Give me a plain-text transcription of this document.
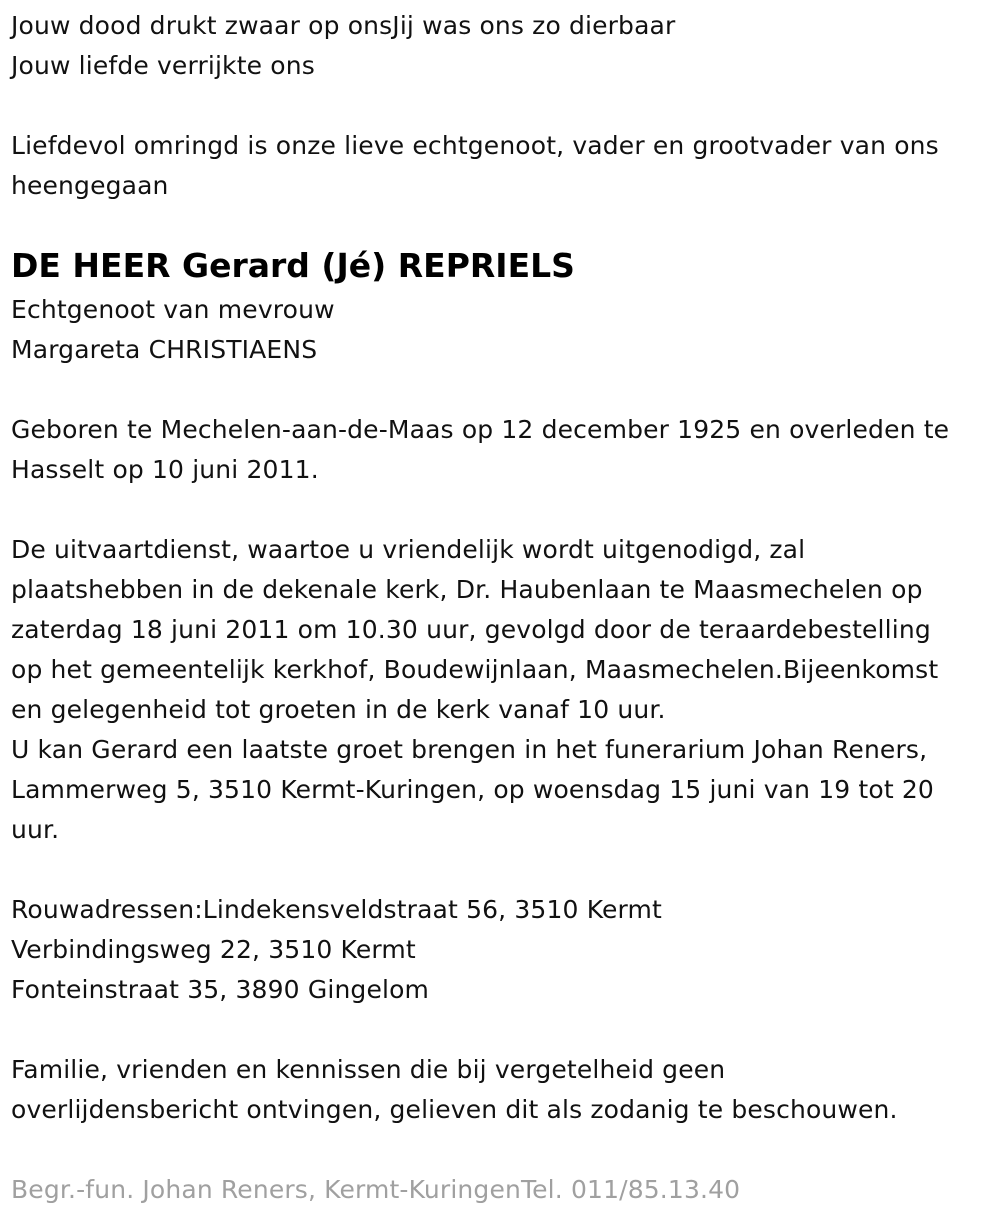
Jouw dood drukt zwaar op onsJij was ons zo dierbaar
Jouw liefde verrijkte ons
Liefdevol omringd is onze lieve echtgenoot, vader en grootvader van ons
heengegaan
DE HEER Gerard (Jé) REPRIELS
Echtgenoot van mevrouw
Margareta CHRISTIAENS
Geboren te Mechelen-aan-de-Maas op 12 december 1925 en overleden te
Hasselt op 10 juni 2011.
De uitvaartdienst, waartoe u vriendelijk wordt uitgenodigd, zal
plaatshebben in de dekenale kerk, Dr. Haubenlaan te Maasmechelen op
zaterdag 18 juni 2011 om 10.30 uur, gevolgd door de teraardebestelling
op het gemeentelijk kerkhof, Boudewijnlaan, Maasmechelen.Bijeenkomst
en gelegenheid tot groeten in de kerk vanaf 10 uur.
U kan Gerard een laatste groet brengen in het funerarium Johan Reners,
Lammerweg 5, 3510 Kermt-Kuringen, op woensdag 15 juni van 19 tot 20
uur.
Rouwadressen:Lindekensveldstraat 56, 3510 Kermt
Verbindingsweg 22, 3510 Kermt
Fonteinstraat 35, 3890 Gingelom
Familie, vrienden en kennissen die bij vergetelheid geen
overlijdensbericht ontvingen, gelieven dit als zodanig te beschouwen.
Begr.-fun. Johan Reners, Kermt-KuringenTel. 011/85.13.40
